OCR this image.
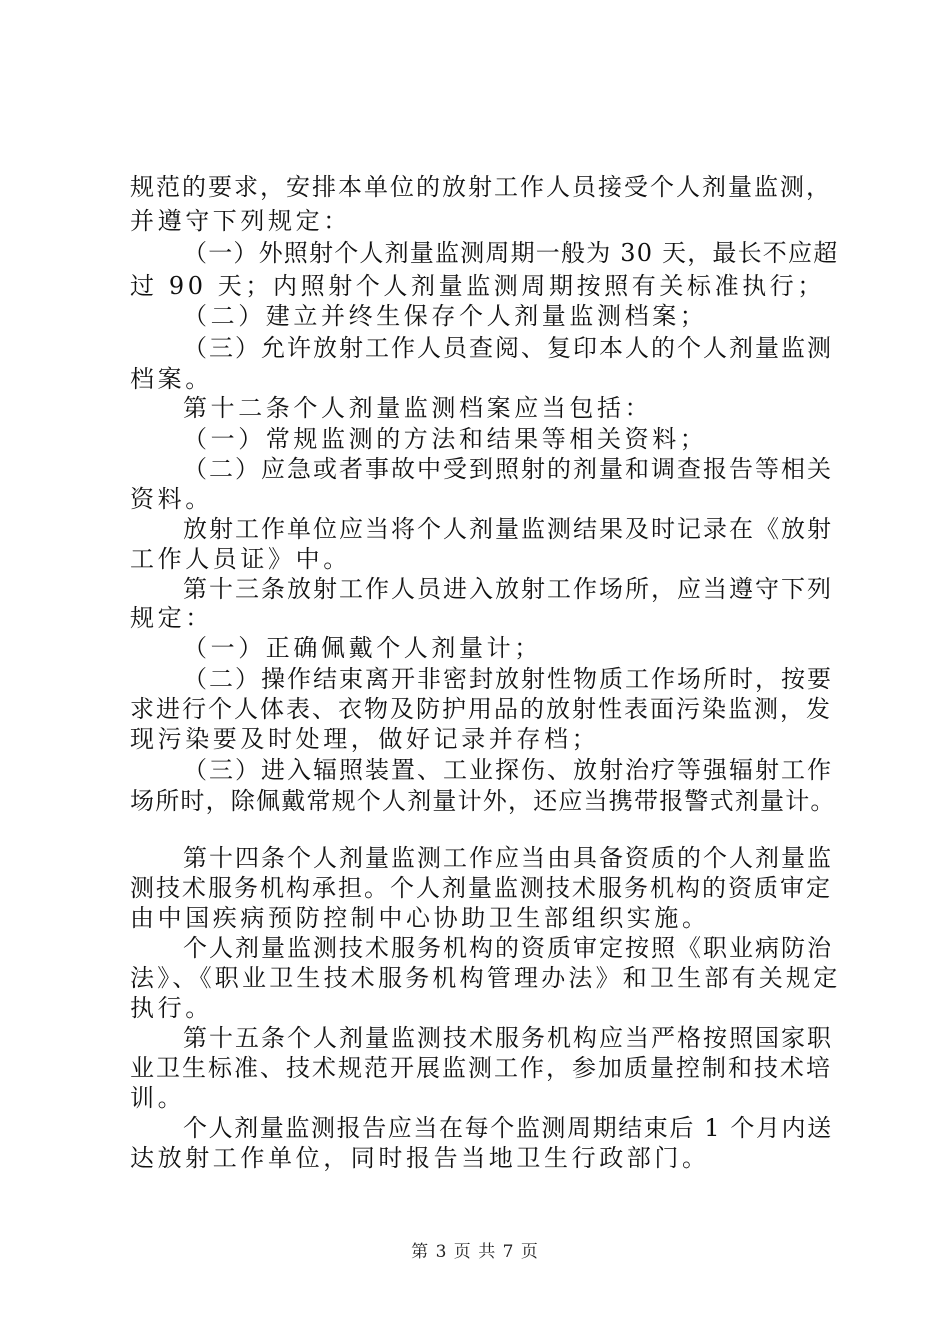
规范的要求，安排本单位的放射工作人员接受个人剂量监测，
并遵守下列规定：
（一）外照射个人剂量监测周期一般为 30 天，最长不应超
过 90 天；内照射个人剂量监测周期按照有关标准执行；
（二）建立并终生保存个人剂量监测档案；
（三）允许放射工作人员查阅、复印本人的个人剂量监测
档案。
第十二条个人剂量监测档案应当包括：
（一）常规监测的方法和结果等相关资料；
（二）应急或者事故中受到照射的剂量和调查报告等相关
资料。
放射工作单位应当将个人剂量监测结果及时记录在《放射
工作人员证》中。
第十三条放射工作人员进入放射工作场所，应当遵守下列
规定：
（一）正确佩戴个人剂量计；
（二）操作结束离开非密封放射性物质工作场所时，按要
求进行个人体表、衣物及防护用品的放射性表面污染监测，发
现污染要及时处理，做好记录并存档；
（三）进入辐照装置、工业探伤、放射治疗等强辐射工作
场所时，除佩戴常规个人剂量计外，还应当携带报警式剂量计。
第十四条个人剂量监测工作应当由具备资质的个人剂量监
测技术服务机构承担。个人剂量监测技术服务机构的资质审定
由中国疾病预防控制中心协助卫生部组织实施。
个人剂量监测技术服务机构的资质审定按照《职业病防治
法》、《职业卫生技术服务机构管理办法》和卫生部有关规定
执行。
第十五条个人剂量监测技术服务机构应当严格按照国家职
业卫生标准、技术规范开展监测工作，参加质量控制和技术培
训。
个人剂量监测报告应当在每个监测周期结束后 1 个月内送
达放射工作单位，同时报告当地卫生行政部门。
第 3 页 共 7 页
